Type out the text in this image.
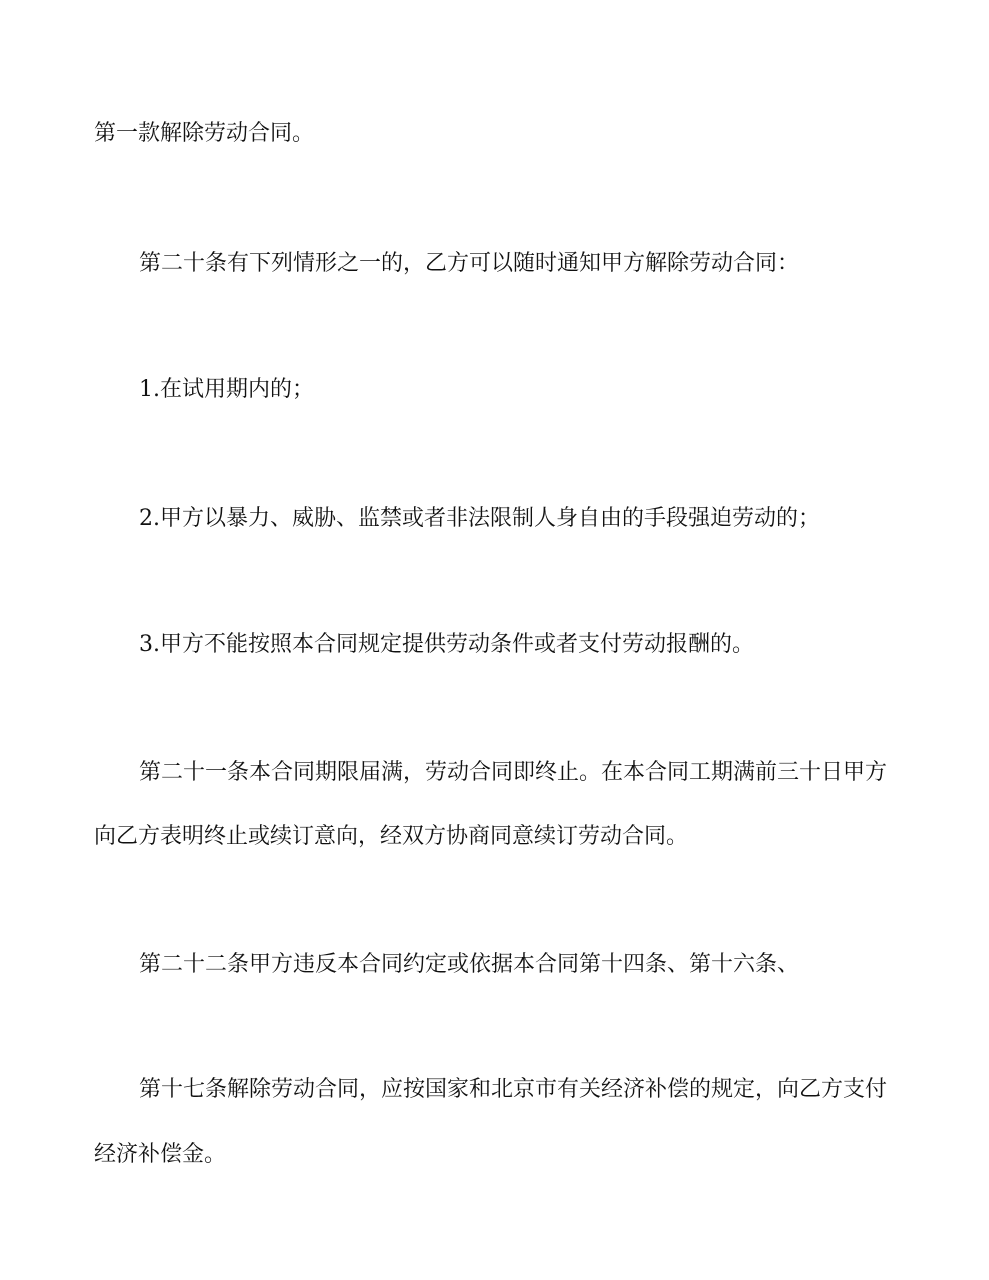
第一款解除劳动合同。
第二十条有下列情形之一的，乙方可以随时通知甲方解除劳动合同：
1.在试用期内的；
2.甲方以暴力、威胁、监禁或者非法限制人身自由的手段强迫劳动的；
3.甲方不能按照本合同规定提供劳动条件或者支付劳动报酬的。
第二十一条本合同期限届满，劳动合同即终止。在本合同工期满前三十日甲方
向乙方表明终止或续订意向，经双方协商同意续订劳动合同。
第二十二条甲方违反本合同约定或依据本合同第十四条、第十六条、
第十七条解除劳动合同，应按国家和北京市有关经济补偿的规定，向乙方支付
经济补偿金。
